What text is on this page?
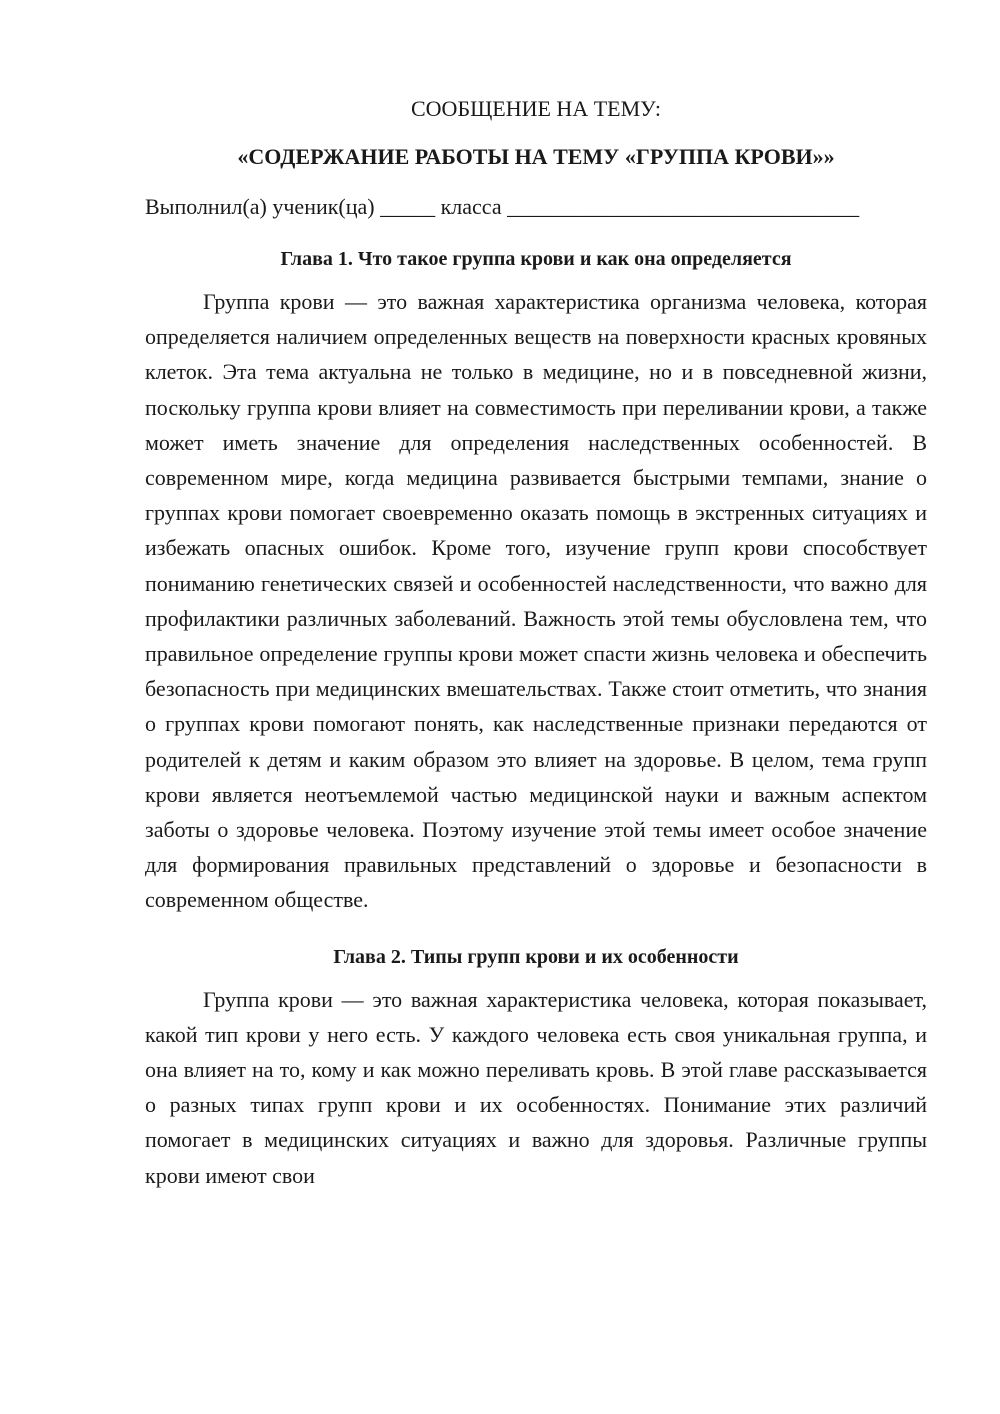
СООБЩЕНИЕ НА ТЕМУ:

«СОДЕРЖАНИЕ РАБОТЫ НА ТЕМУ «ГРУППА КРОВИ»»

Выполнил(а) ученик(ца) _____ класса ________________________________

Глава 1. Что такое группа крови и как она определяется

Группа крови — это важная характеристика организма человека, которая определяется наличием определенных веществ на поверхности красных кровяных клеток. Эта тема актуальна не только в медицине, но и в повседневной жизни, поскольку группа крови влияет на совместимость при переливании крови, а также может иметь значение для определения наследственных особенностей. В современном мире, когда медицина развивается быстрыми темпами, знание о группах крови помогает своевременно оказать помощь в экстренных ситуациях и избежать опасных ошибок. Кроме того, изучение групп крови способствует пониманию генетических связей и особенностей наследственности, что важно для профилактики различных заболеваний. Важность этой темы обусловлена тем, что правильное определение группы крови может спасти жизнь человека и обеспечить безопасность при медицинских вмешательствах. Также стоит отметить, что знания о группах крови помогают понять, как наследственные признаки передаются от родителей к детям и каким образом это влияет на здоровье. В целом, тема групп крови является неотъемлемой частью медицинской науки и важным аспектом заботы о здоровье человека. Поэтому изучение этой темы имеет особое значение для формирования правильных представлений о здоровье и безопасности в современном обществе.

Глава 2. Типы групп крови и их особенности

Группа крови — это важная характеристика человека, которая показывает, какой тип крови у него есть. У каждого человека есть своя уникальная группа, и она влияет на то, кому и как можно переливать кровь. В этой главе рассказывается о разных типах групп крови и их особенностях. Понимание этих различий помогает в медицинских ситуациях и важно для здоровья. Различные группы крови имеют свои
